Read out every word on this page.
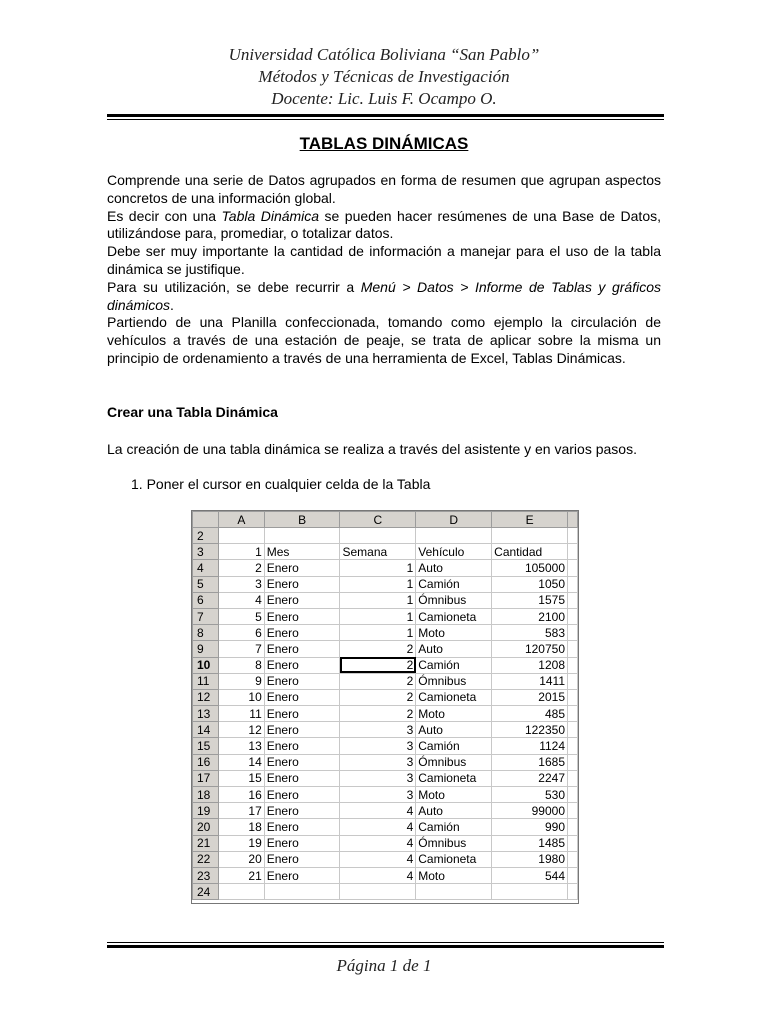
Universidad Católica Boliviana “San Pablo”
Métodos y Técnicas de Investigación
Docente: Lic. Luis F. Ocampo O.
TABLAS DINÁMICAS

Comprende una serie de Datos agrupados en forma de resumen que agrupan aspectos concretos de una información global.

Es decir con una Tabla Dinámica se pueden hacer resúmenes de una Base de Datos, utilizándose para, promediar, o totalizar datos.

Debe ser muy importante la cantidad de información a manejar para el uso de la tabla dinámica se justifique.

Para su utilización, se debe recurrir a Menú > Datos > Informe de Tablas y gráficos dinámicos.

Partiendo de una Planilla confeccionada, tomando como ejemplo la circulación de vehículos a través de una estación de peaje, se trata de aplicar sobre la misma un principio de ordenamiento a través de una herramienta de Excel, Tablas Dinámicas.

Crear una Tabla Dinámica
La creación de una tabla dinámica se realiza a través del asistente y en varios pasos.
1. Poner el cursor en cualquier celda de la Tabla
	A	B	C	D	E	
2						
3	1	Mes	Semana	Vehículo	Cantidad	
4	2	Enero	1	Auto	105000	
5	3	Enero	1	Camión	1050	
6	4	Enero	1	Ómnibus	1575	
7	5	Enero	1	Camioneta	2100	
8	6	Enero	1	Moto	583	
9	7	Enero	2	Auto	120750	
10	8	Enero	2	Camión	1208	
11	9	Enero	2	Ómnibus	1411	
12	10	Enero	2	Camioneta	2015	
13	11	Enero	2	Moto	485	
14	12	Enero	3	Auto	122350	
15	13	Enero	3	Camión	1124	
16	14	Enero	3	Ómnibus	1685	
17	15	Enero	3	Camioneta	2247	
18	16	Enero	3	Moto	530	
19	17	Enero	4	Auto	99000	
20	18	Enero	4	Camión	990	
21	19	Enero	4	Ómnibus	1485	
22	20	Enero	4	Camioneta	1980	
23	21	Enero	4	Moto	544	
24						
Página 1 de 1
